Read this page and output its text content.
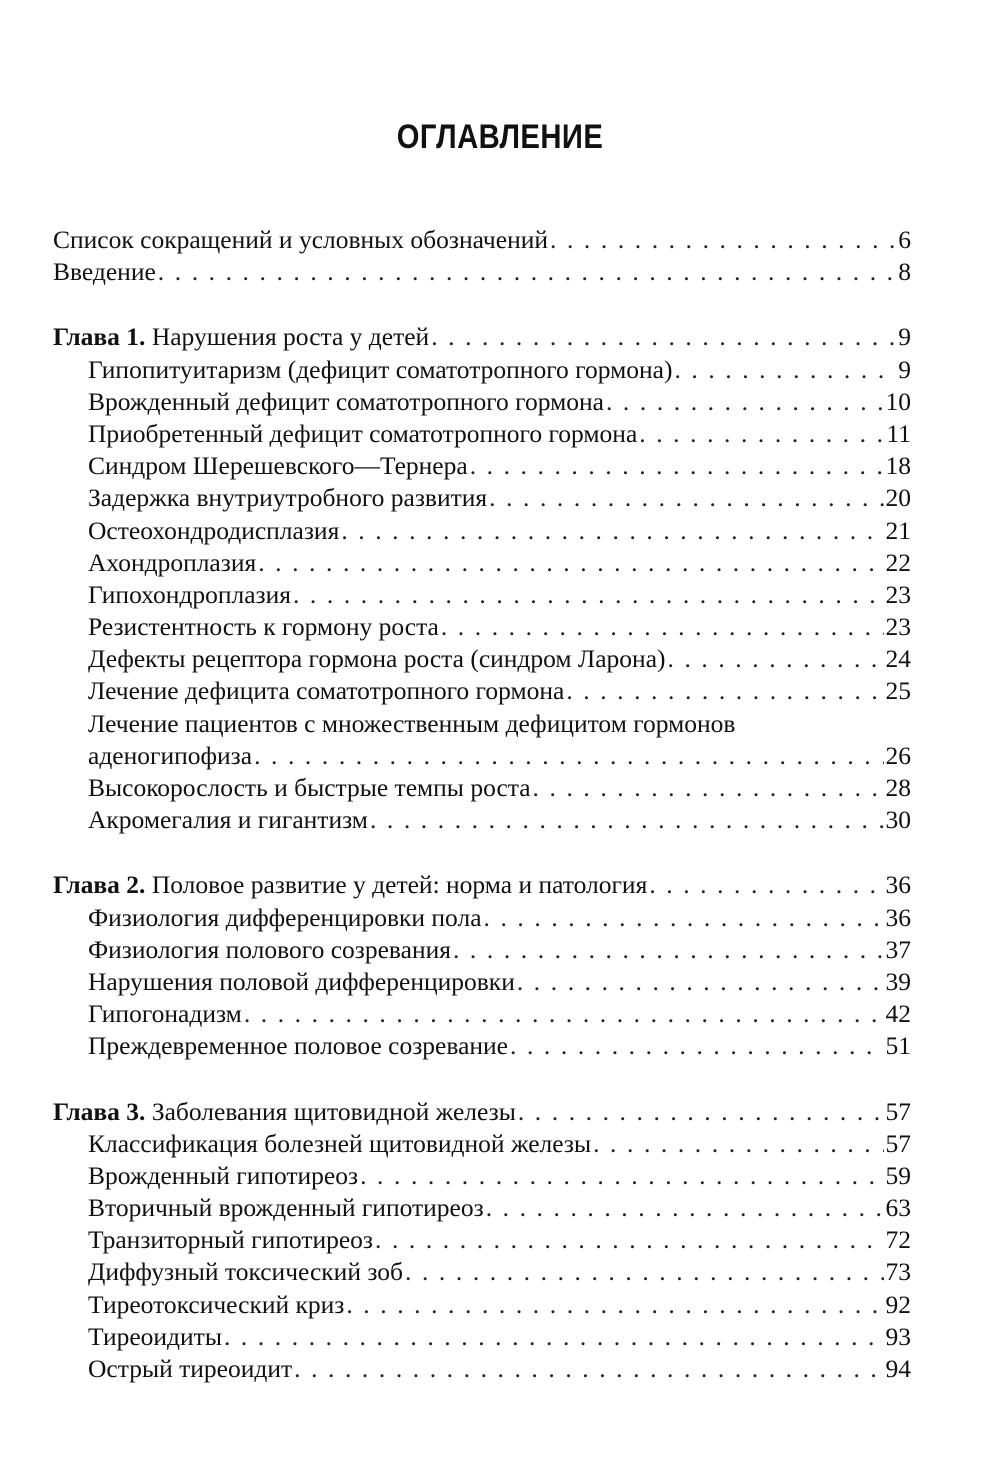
ОГЛАВЛЕНИЕ
Список сокращений и условных обозначений . . .	6
Введение . . .	8
Глава 1. Нарушения роста у детей . . .	9
Гипопитуитаризм (дефицит соматотропного гормона) . . .	9
Врожденный дефицит соматотропного гормона . . .	10
Приобретенный дефицит соматотропного гормона . . .	11
Синдром Шерешевского—Тернера . . .	18
Задержка внутриутробного развития . . .	20
Остеохондродисплазия . . .	21
Ахондроплазия . . .	22
Гипохондроплазия . . .	23
Резистентность к гормону роста . . .	23
Дефекты рецептора гормона роста (синдром Ларона) . . .	24
Лечение дефицита соматотропного гормона . . .	25
Лечение пациентов с множественным дефицитом гормонов
аденогипофиза . . .	26
Высокорослость и быстрые темпы роста . . .	28
Акромегалия и гигантизм . . .	30
Глава 2. Половое развитие у детей: норма и патология . . .	36
Физиология дифференцировки пола . . .	36
Физиология полового созревания . . .	37
Нарушения половой дифференцировки . . .	39
Гипогонадизм . . .	42
Преждевременное половое созревание . . .	51
Глава 3. Заболевания щитовидной железы . . .	57
Классификация болезней щитовидной железы . . .	57
Врожденный гипотиреоз . . .	59
Вторичный врожденный гипотиреоз . . .	63
Транзиторный гипотиреоз . . .	72
Диффузный токсический зоб . . .	73
Тиреотоксический криз . . .	92
Тиреоидиты . . .	93
Острый тиреоидит . . .	94
